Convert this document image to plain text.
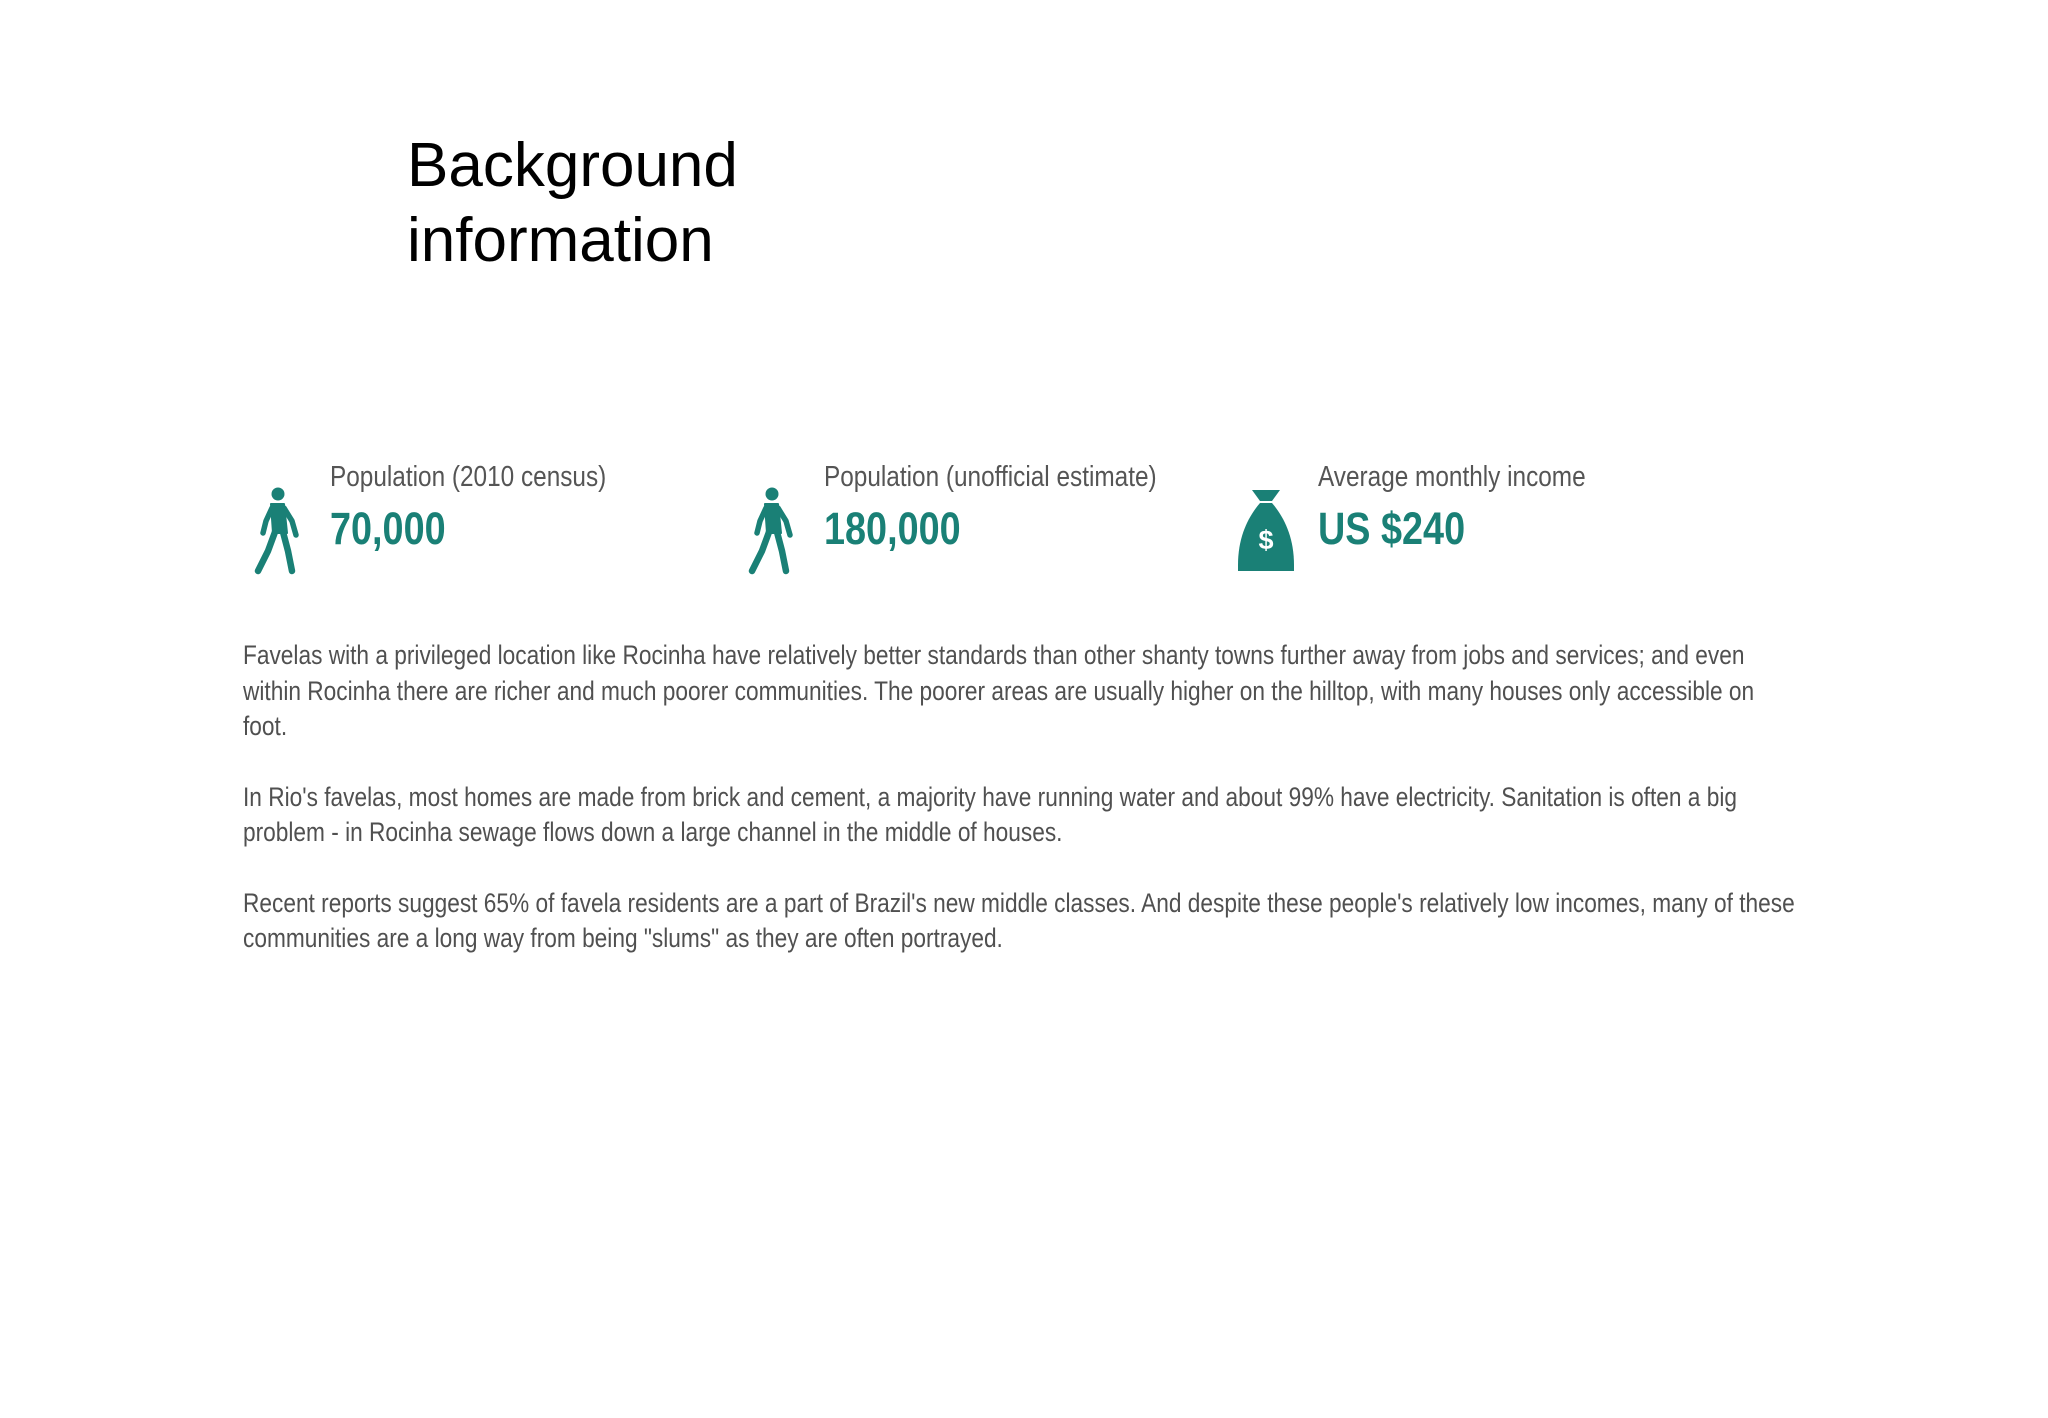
Background
information
Population (2010 census)
70,000
Population (unofficial estimate)
180,000	$
Average monthly income
US $240

Favelas with a privileged location like Rocinha have relatively better standards than other shanty towns further away from jobs and services; and even
within Rocinha there are richer and much poorer communities. The poorer areas are usually higher on the hilltop, with many houses only accessible on
foot.

In Rio's favelas, most homes are made from brick and cement, a majority have running water and about 99% have electricity. Sanitation is often a big
problem - in Rocinha sewage flows down a large channel in the middle of houses.

Recent reports suggest 65% of favela residents are a part of Brazil's new middle classes. And despite these people's relatively low incomes, many of these
communities are a long way from being "slums" as they are often portrayed.
